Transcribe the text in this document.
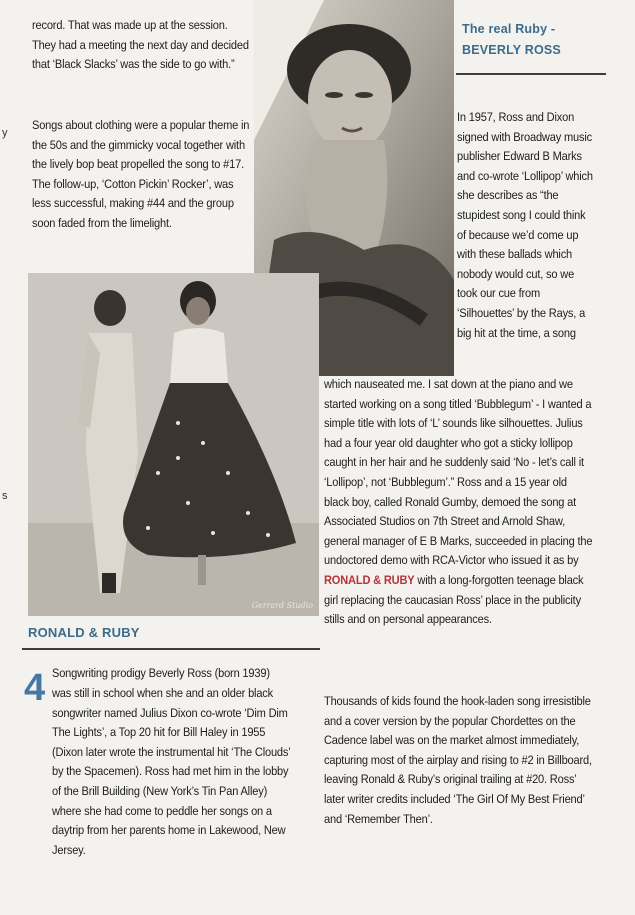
y
s

record. That was made up at the session. They had a meeting the next day and decided that ‘Black Slacks’ was the side to go with.”

Songs about clothing were a popular theme in the 50s and the gimmicky vocal together with the lively bop beat propelled the song to #17. The follow-up, ‘Cotton Pickin’ Rocker’, was less successful, making #44 and the group soon faded from the limelight.

Gerrard Studio
RONALD & RUBY
The real Ruby -
BEVERLY ROSS

In 1957, Ross and Dixon signed with Broadway music publisher Edward B Marks and co-wrote ‘Lollipop’ which she describes as “the stupidest song I could think of because we’d come up with these ballads which nobody would cut, so we took our cue from ‘Silhouettes’ by the Rays, a big hit at the time, a song

which nauseated me. I sat down at the piano and we started working on a song titled ‘Bubblegum’ - I wanted a simple title with lots of ‘L’ sounds like silhouettes. Julius had a four year old daughter who got a sticky lollipop caught in her hair and he suddenly said ‘No - let’s call it ‘Lollipop’, not ‘Bubblegum’.” Ross and a 15 year old black boy, called Ronald Gumby, demoed the song at Associated Studios on 7th Street and Arnold Shaw, general manager of E B Marks, succeeded in placing the undoctored demo with RCA-Victor who issued it as by RONALD & RUBY with a long-forgotten teenage black girl replacing the caucasian Ross’ place in the publicity stills and on personal appearances.

Thousands of kids found the hook-laden song irresistible and a cover version by the popular Chordettes on the Cadence label was on the market almost immediately, capturing most of the airplay and rising to #2 in Billboard, leaving Ronald & Ruby’s original trailing at #20. Ross’ later writer credits included ‘The Girl Of My Best Friend’ and ‘Remember Then’.

4 Songwriting prodigy Beverly Ross (born 1939)

was still in school when she and an older black songwriter named Julius Dixon co-wrote ‘Dim Dim The Lights’, a Top 20 hit for Bill Haley in 1955 (Dixon later wrote the instrumental hit ‘The Clouds’ by the Spacemen). Ross had met him in the lobby of the Brill Building (New York’s Tin Pan Alley) where she had come to peddle her songs on a daytrip from her parents home in Lakewood, New Jersey.
